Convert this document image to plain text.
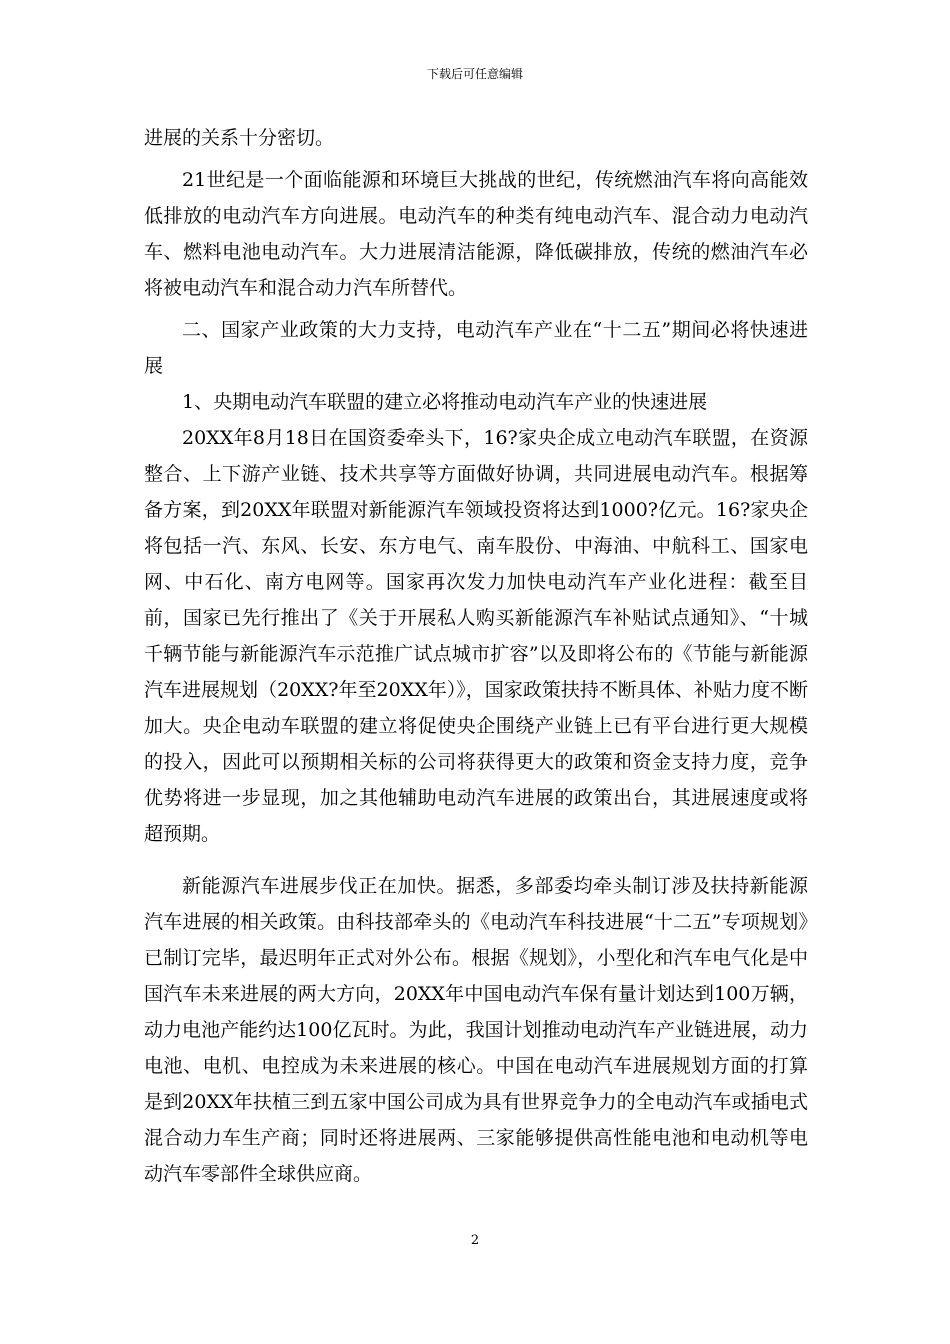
下载后可任意编辑

进展的关系十分密切。

21世纪是一个面临能源和环境巨大挑战的世纪，传统燃油汽车将向高能效低排放的电动汽车方向进展。电动汽车的种类有纯电动汽车、混合动力电动汽车、燃料电池电动汽车。大力进展清洁能源，降低碳排放，传统的燃油汽车必将被电动汽车和混合动力汽车所替代。

二、国家产业政策的大力支持，电动汽车产业在“十二五”期间必将快速进展

1、央期电动汽车联盟的建立必将推动电动汽车产业的快速进展

20XX年8月18日在国资委牵头下，16?家央企成立电动汽车联盟，在资源整合、上下游产业链、技术共享等方面做好协调，共同进展电动汽车。根据筹备方案，到20XX年联盟对新能源汽车领域投资将达到1000?亿元。16?家央企将包括一汽、东风、长安、东方电气、南车股份、中海油、中航科工、国家电网、中石化、南方电网等。国家再次发力加快电动汽车产业化进程：截至目前，国家已先行推出了《关于开展私人购买新能源汽车补贴试点通知》、“十城千辆节能与新能源汽车示范推广试点城市扩容”以及即将公布的《节能与新能源汽车进展规划（20XX?年至20XX年）》，国家政策扶持不断具体、补贴力度不断加大。央企电动车联盟的建立将促使央企围绕产业链上已有平台进行更大规模的投入，因此可以预期相关标的公司将获得更大的政策和资金支持力度，竞争优势将进一步显现，加之其他辅助电动汽车进展的政策出台，其进展速度或将超预期。

新能源汽车进展步伐正在加快。据悉，多部委均牵头制订涉及扶持新能源汽车进展的相关政策。由科技部牵头的《电动汽车科技进展“十二五”专项规划》已制订完毕，最迟明年正式对外公布。根据《规划》，小型化和汽车电气化是中国汽车未来进展的两大方向，20XX年中国电动汽车保有量计划达到100万辆，动力电池产能约达100亿瓦时。为此，我国计划推动电动汽车产业链进展，动力电池、电机、电控成为未来进展的核心。中国在电动汽车进展规划方面的打算是到20XX年扶植三到五家中国公司成为具有世界竞争力的全电动汽车或插电式混合动力车生产商；同时还将进展两、三家能够提供高性能电池和电动机等电动汽车零部件全球供应商。

2
